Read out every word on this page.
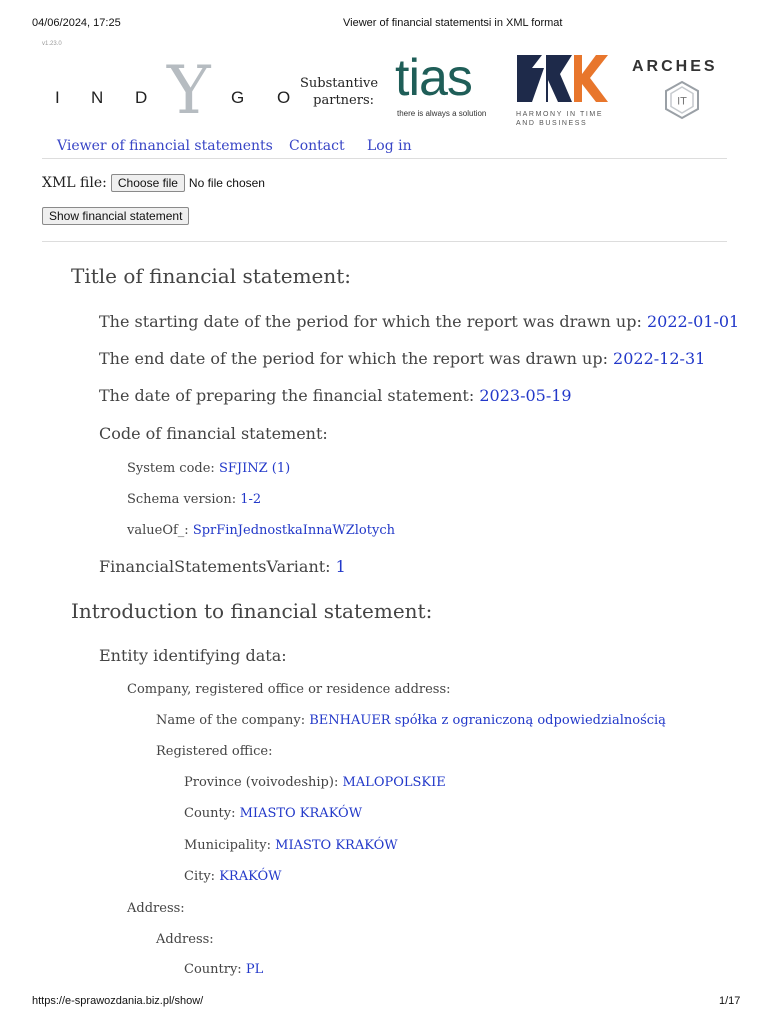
04/06/2024, 17:25	Viewer of financial statementsi in XML format
v1.23.0
I N D Y G O
Substantive partners: tias
there is always a solution	HARMONY IN TIME
AND BUSINESS
ARCHES
IT
Viewer of financial statements Contact Log in
XML file: Choose file No file chosen
Show financial statement
Title of financial statement:
The starting date of the period for which the report was drawn up: 2022-01-01
The end date of the period for which the report was drawn up: 2022-12-31
The date of preparing the financial statement: 2023-05-19
Code of financial statement:
System code: SFJINZ (1)
Schema version: 1-2
valueOf_: SprFinJednostkaInnaWZlotych
FinancialStatementsVariant: 1
Introduction to financial statement:
Entity identifying data:
Company, registered office or residence address:
Name of the company: BENHAUER spółka z ograniczoną odpowiedzialnością
Registered office:
Province (voivodeship): MALOPOLSKIE
County: MIASTO KRAKÓW
Municipality: MIASTO KRAKÓW
City: KRAKÓW
Address:
Address:
Country: PL
https://e-sprawozdania.biz.pl/show/	1/17
